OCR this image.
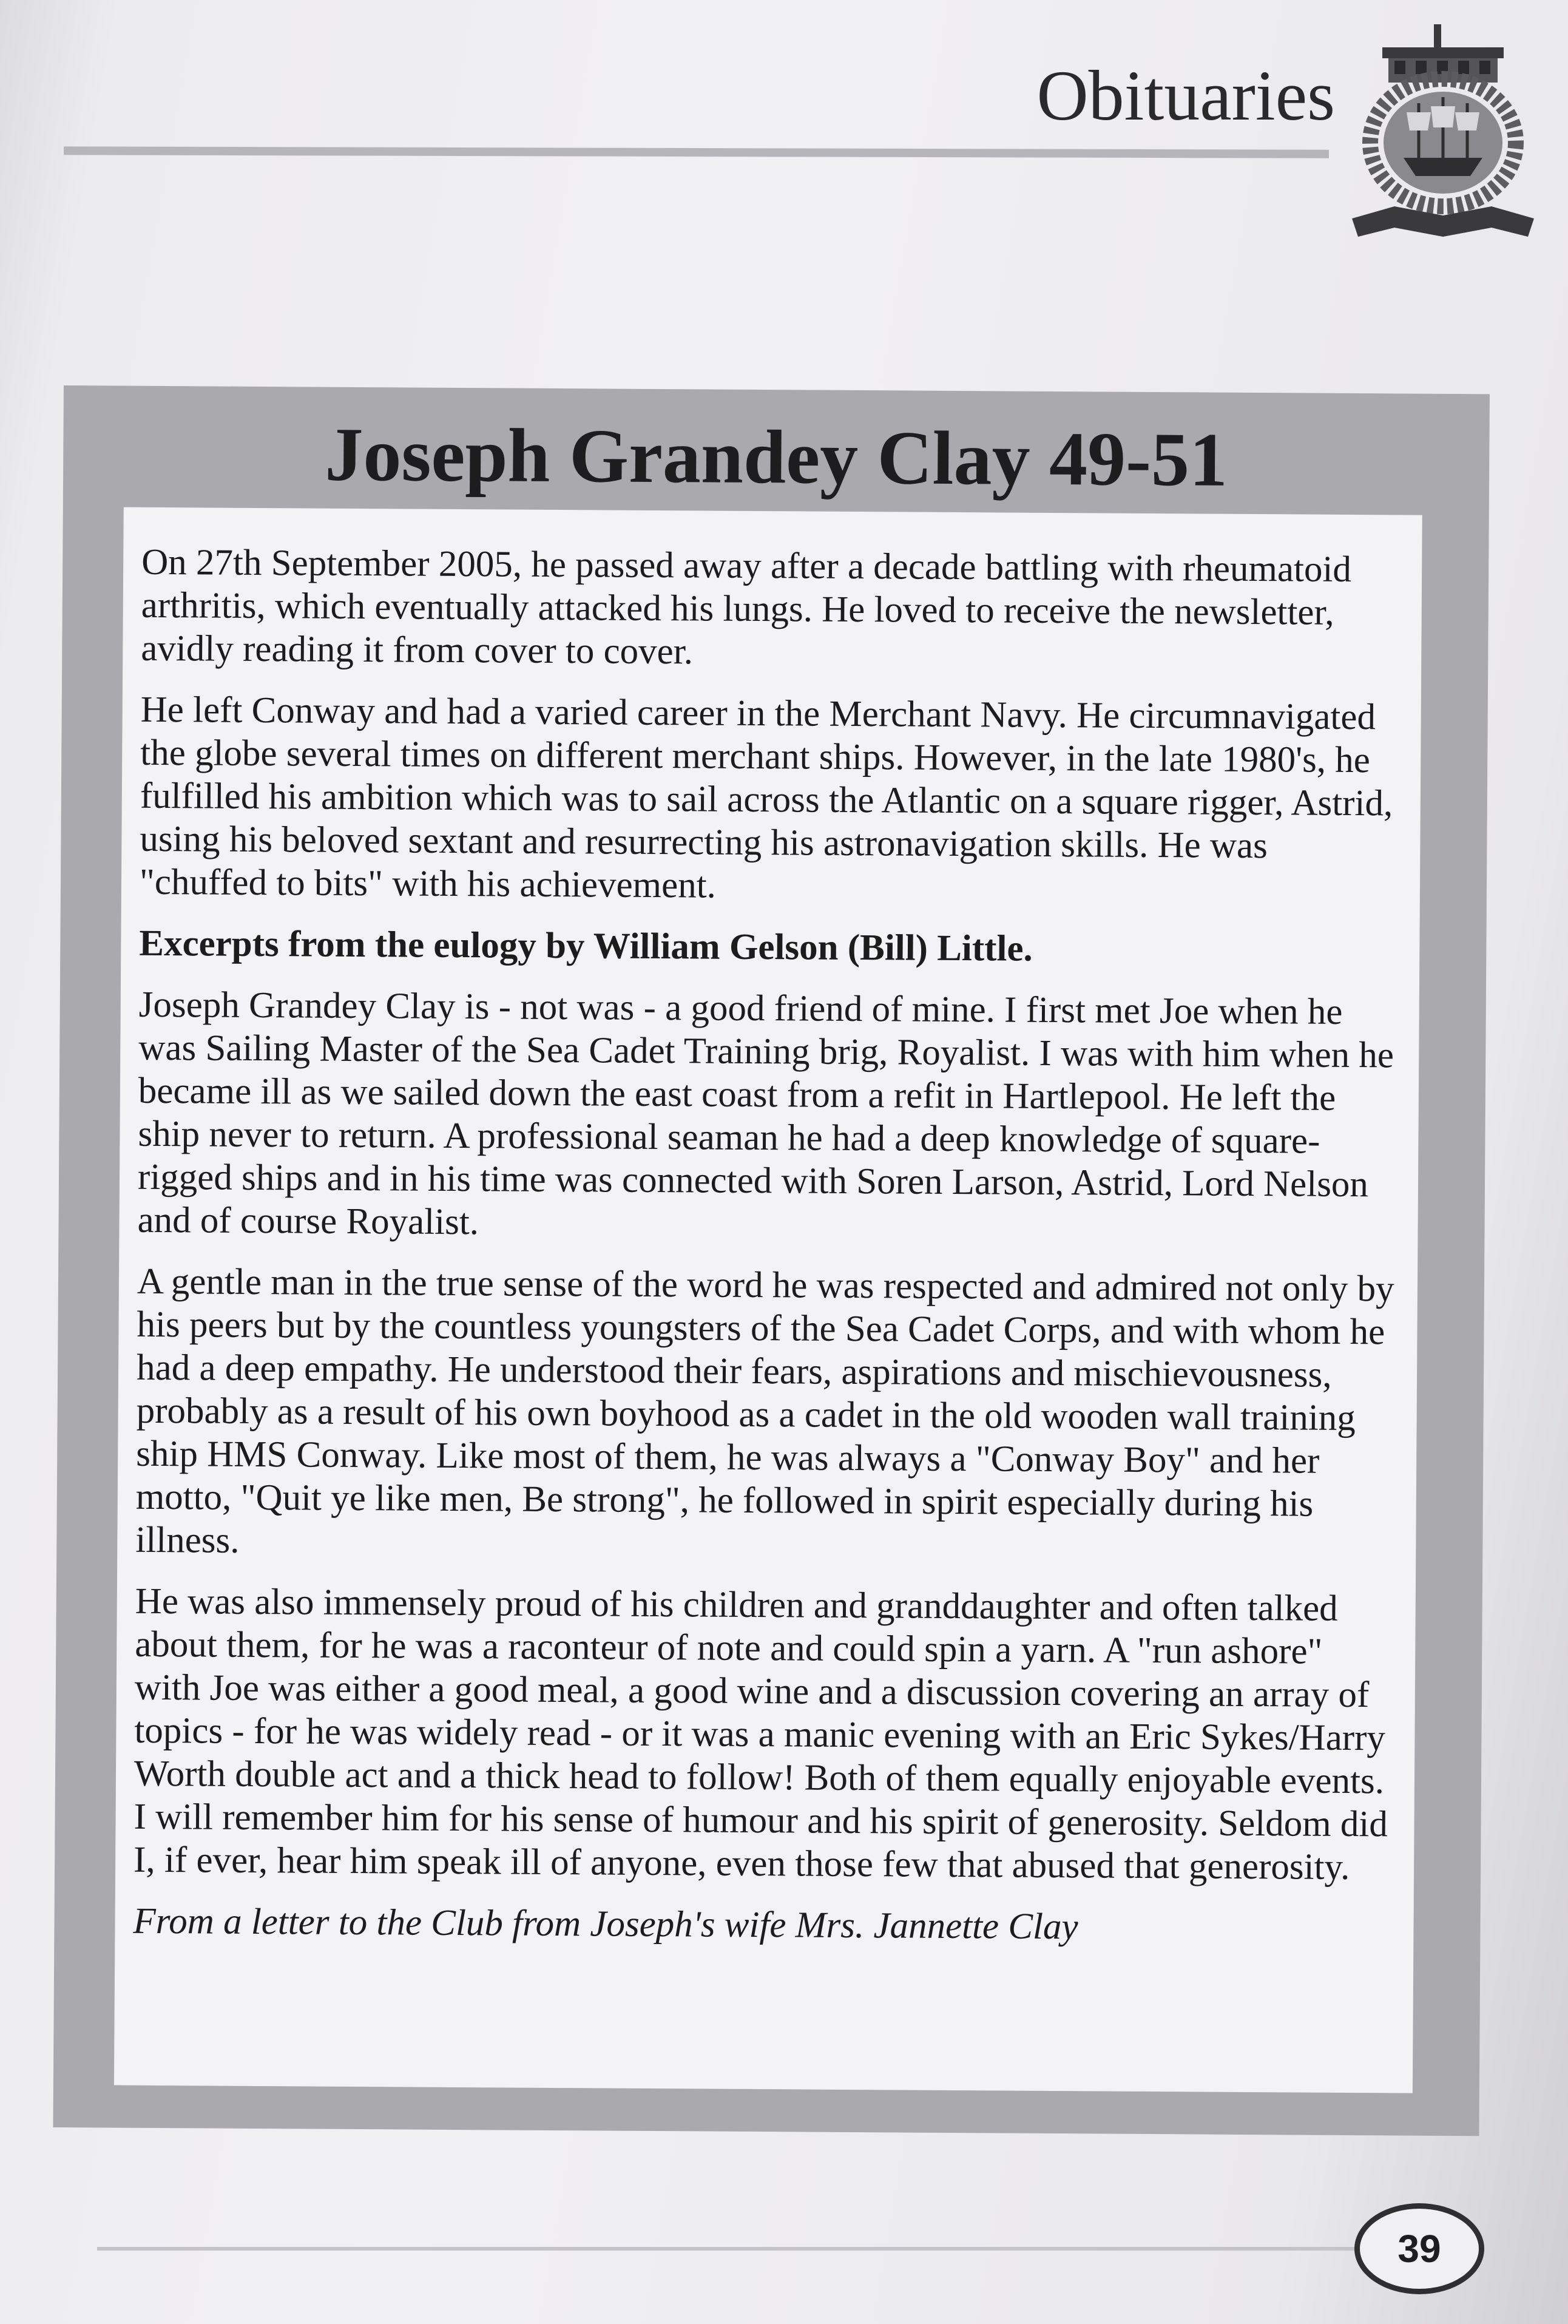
Obituaries
Joseph Grandey Clay 49-51

On 27th September 2005, he passed away after a decade battling with rheumatoid arthritis, which eventually attacked his lungs. He loved to receive the newsletter, avidly reading it from cover to cover.

He left Conway and had a varied career in the Merchant Navy. He circumnavigated the globe several times on different merchant ships. However, in the late 1980's, he fulfilled his ambition which was to sail across the Atlantic on a square rigger, Astrid, using his beloved sextant and resurrecting his astronavigation skills. He was "chuffed to bits" with his achievement.

Excerpts from the eulogy by William Gelson (Bill) Little.

Joseph Grandey Clay is - not was - a good friend of mine. I first met Joe when he was Sailing Master of the Sea Cadet Training brig, Royalist. I was with him when he became ill as we sailed down the east coast from a refit in Hartlepool. He left the ship never to return. A professional seaman he had a deep knowledge of square-rigged ships and in his time was connected with Soren Larson, Astrid, Lord Nelson and of course Royalist.

A gentle man in the true sense of the word he was respected and admired not only by his peers but by the countless youngsters of the Sea Cadet Corps, and with whom he had a deep empathy. He understood their fears, aspirations and mischievousness, probably as a result of his own boyhood as a cadet in the old wooden wall training ship HMS Conway. Like most of them, he was always a "Conway Boy" and her motto, "Quit ye like men, Be strong", he followed in spirit especially during his illness.

He was also immensely proud of his children and granddaughter and often talked about them, for he was a raconteur of note and could spin a yarn. A "run ashore" with Joe was either a good meal, a good wine and a discussion covering an array of topics - for he was widely read - or it was a manic evening with an Eric Sykes/Harry Worth double act and a thick head to follow! Both of them equally enjoyable events. I will remember him for his sense of humour and his spirit of generosity. Seldom did I, if ever, hear him speak ill of anyone, even those few that abused that generosity.

From a letter to the Club from Joseph's wife Mrs. Jannette Clay

39
